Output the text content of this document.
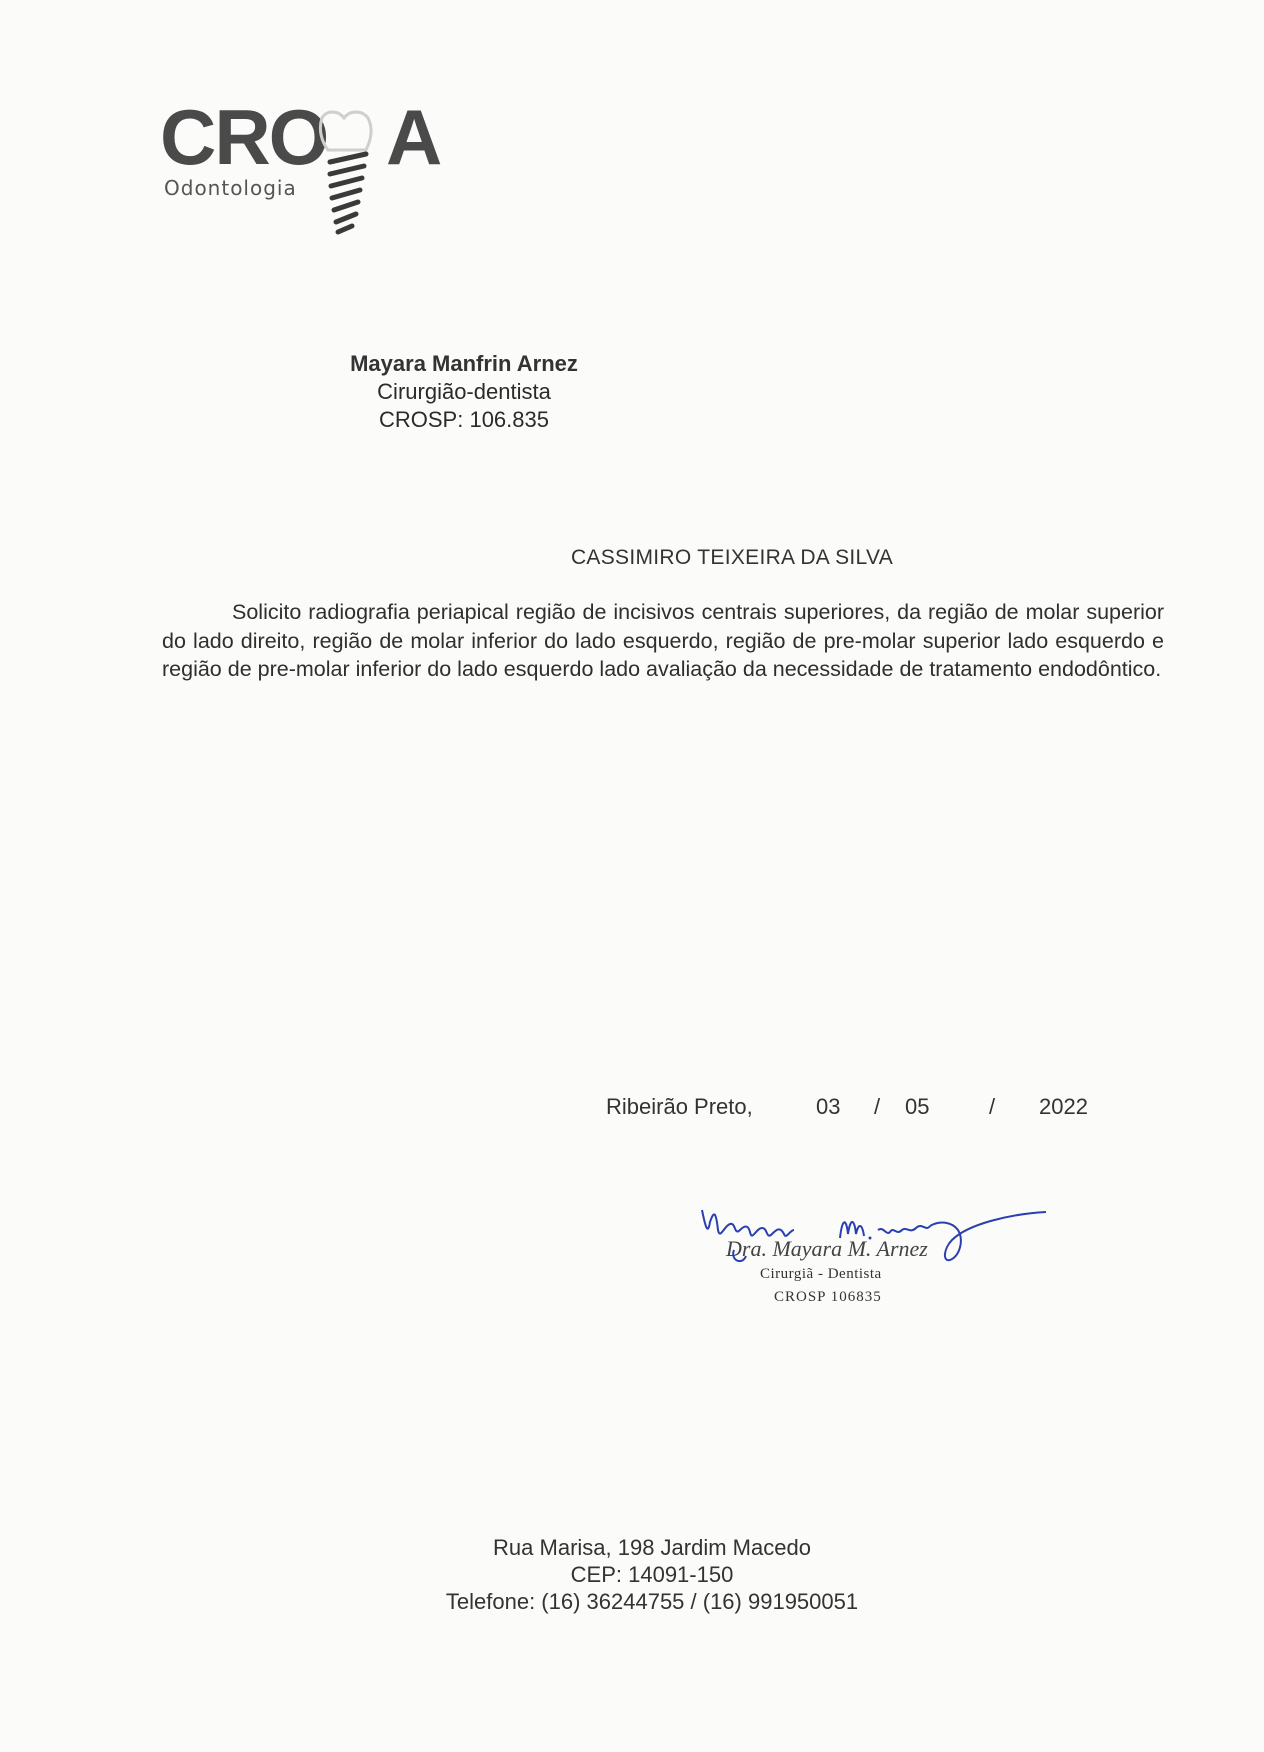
CRO A
Odontologia
Mayara Manfrin Arnez
Cirurgião-dentista
CROSP: 106.835
CASSIMIRO TEIXEIRA DA SILVA
Solicito radiografia periapical região de incisivos centrais superiores, da região de molar superior do lado direito, região de molar inferior do lado esquerdo, região de pre-molar superior lado esquerdo e região de pre-molar inferior do lado esquerdo lado avaliação da necessidade de tratamento endodôntico.
Ribeirão Preto,	03 / 05	/ 2022
Dra. Mayara M. Arnez
Cirurgiã - Dentista
CROSP 106835
Rua Marisa, 198 Jardim Macedo
CEP: 14091-150
Telefone: (16) 36244755 / (16) 991950051
